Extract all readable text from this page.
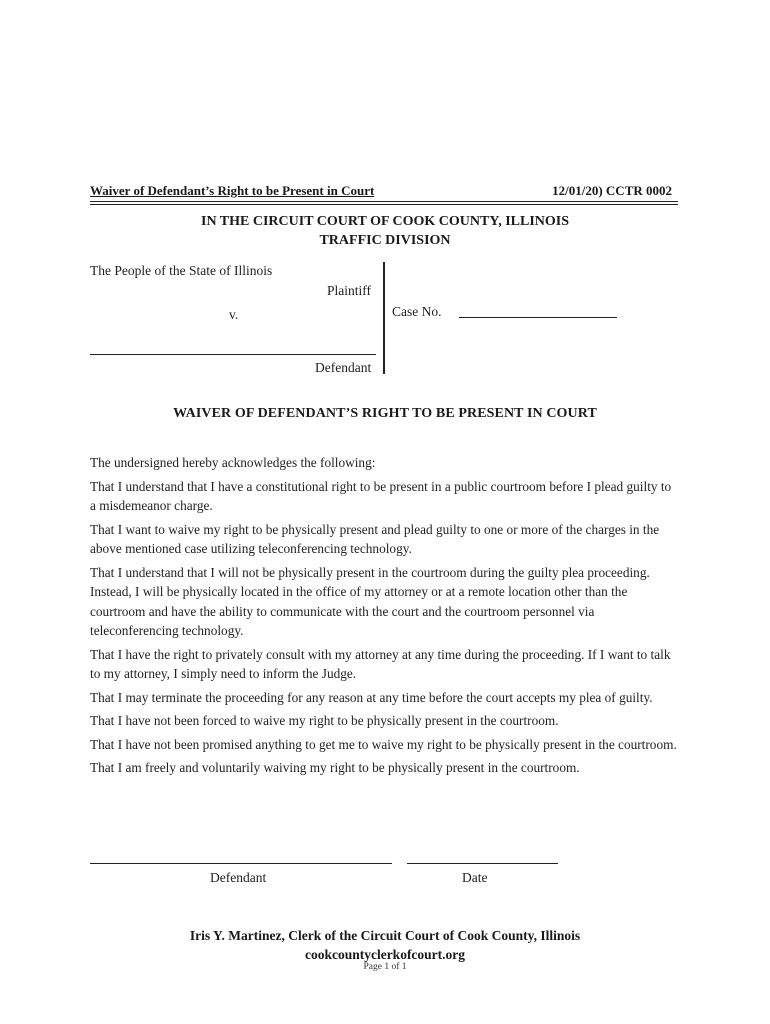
Waiver of Defendant’s Right to be Present in Court	12/01/20) CCTR 0002
IN THE CIRCUIT COURT OF COOK COUNTY, ILLINOIS
TRAFFIC DIVISION
The People of the State of Illinois
Plaintiff
v.
Defendant
Case No.
WAIVER OF DEFENDANT’S RIGHT TO BE PRESENT IN COURT

The undersigned hereby acknowledges the following:

That I understand that I have a constitutional right to be present in a public courtroom before I plead guilty to a misdemeanor charge.

That I want to waive my right to be physically present and plead guilty to one or more of the charges in the above mentioned case utilizing teleconferencing technology.

That I understand that I will not be physically present in the courtroom during the guilty plea proceeding. Instead, I will be physically located in the office of my attorney or at a remote location other than the courtroom and have the ability to communicate with the court and the courtroom personnel via teleconferencing technology.

That I have the right to privately consult with my attorney at any time during the proceeding. If I want to talk to my attorney, I simply need to inform the Judge.

That I may terminate the proceeding for any reason at any time before the court accepts my plea of guilty.

That I have not been forced to waive my right to be physically present in the courtroom.

That I have not been promised anything to get me to waive my right to be physically present in the courtroom.

That I am freely and voluntarily waiving my right to be physically present in the courtroom.

Defendant	Date
Iris Y. Martinez, Clerk of the Circuit Court of Cook County, Illinois
cookcountyclerkofcourt.org
Page 1 of 1
